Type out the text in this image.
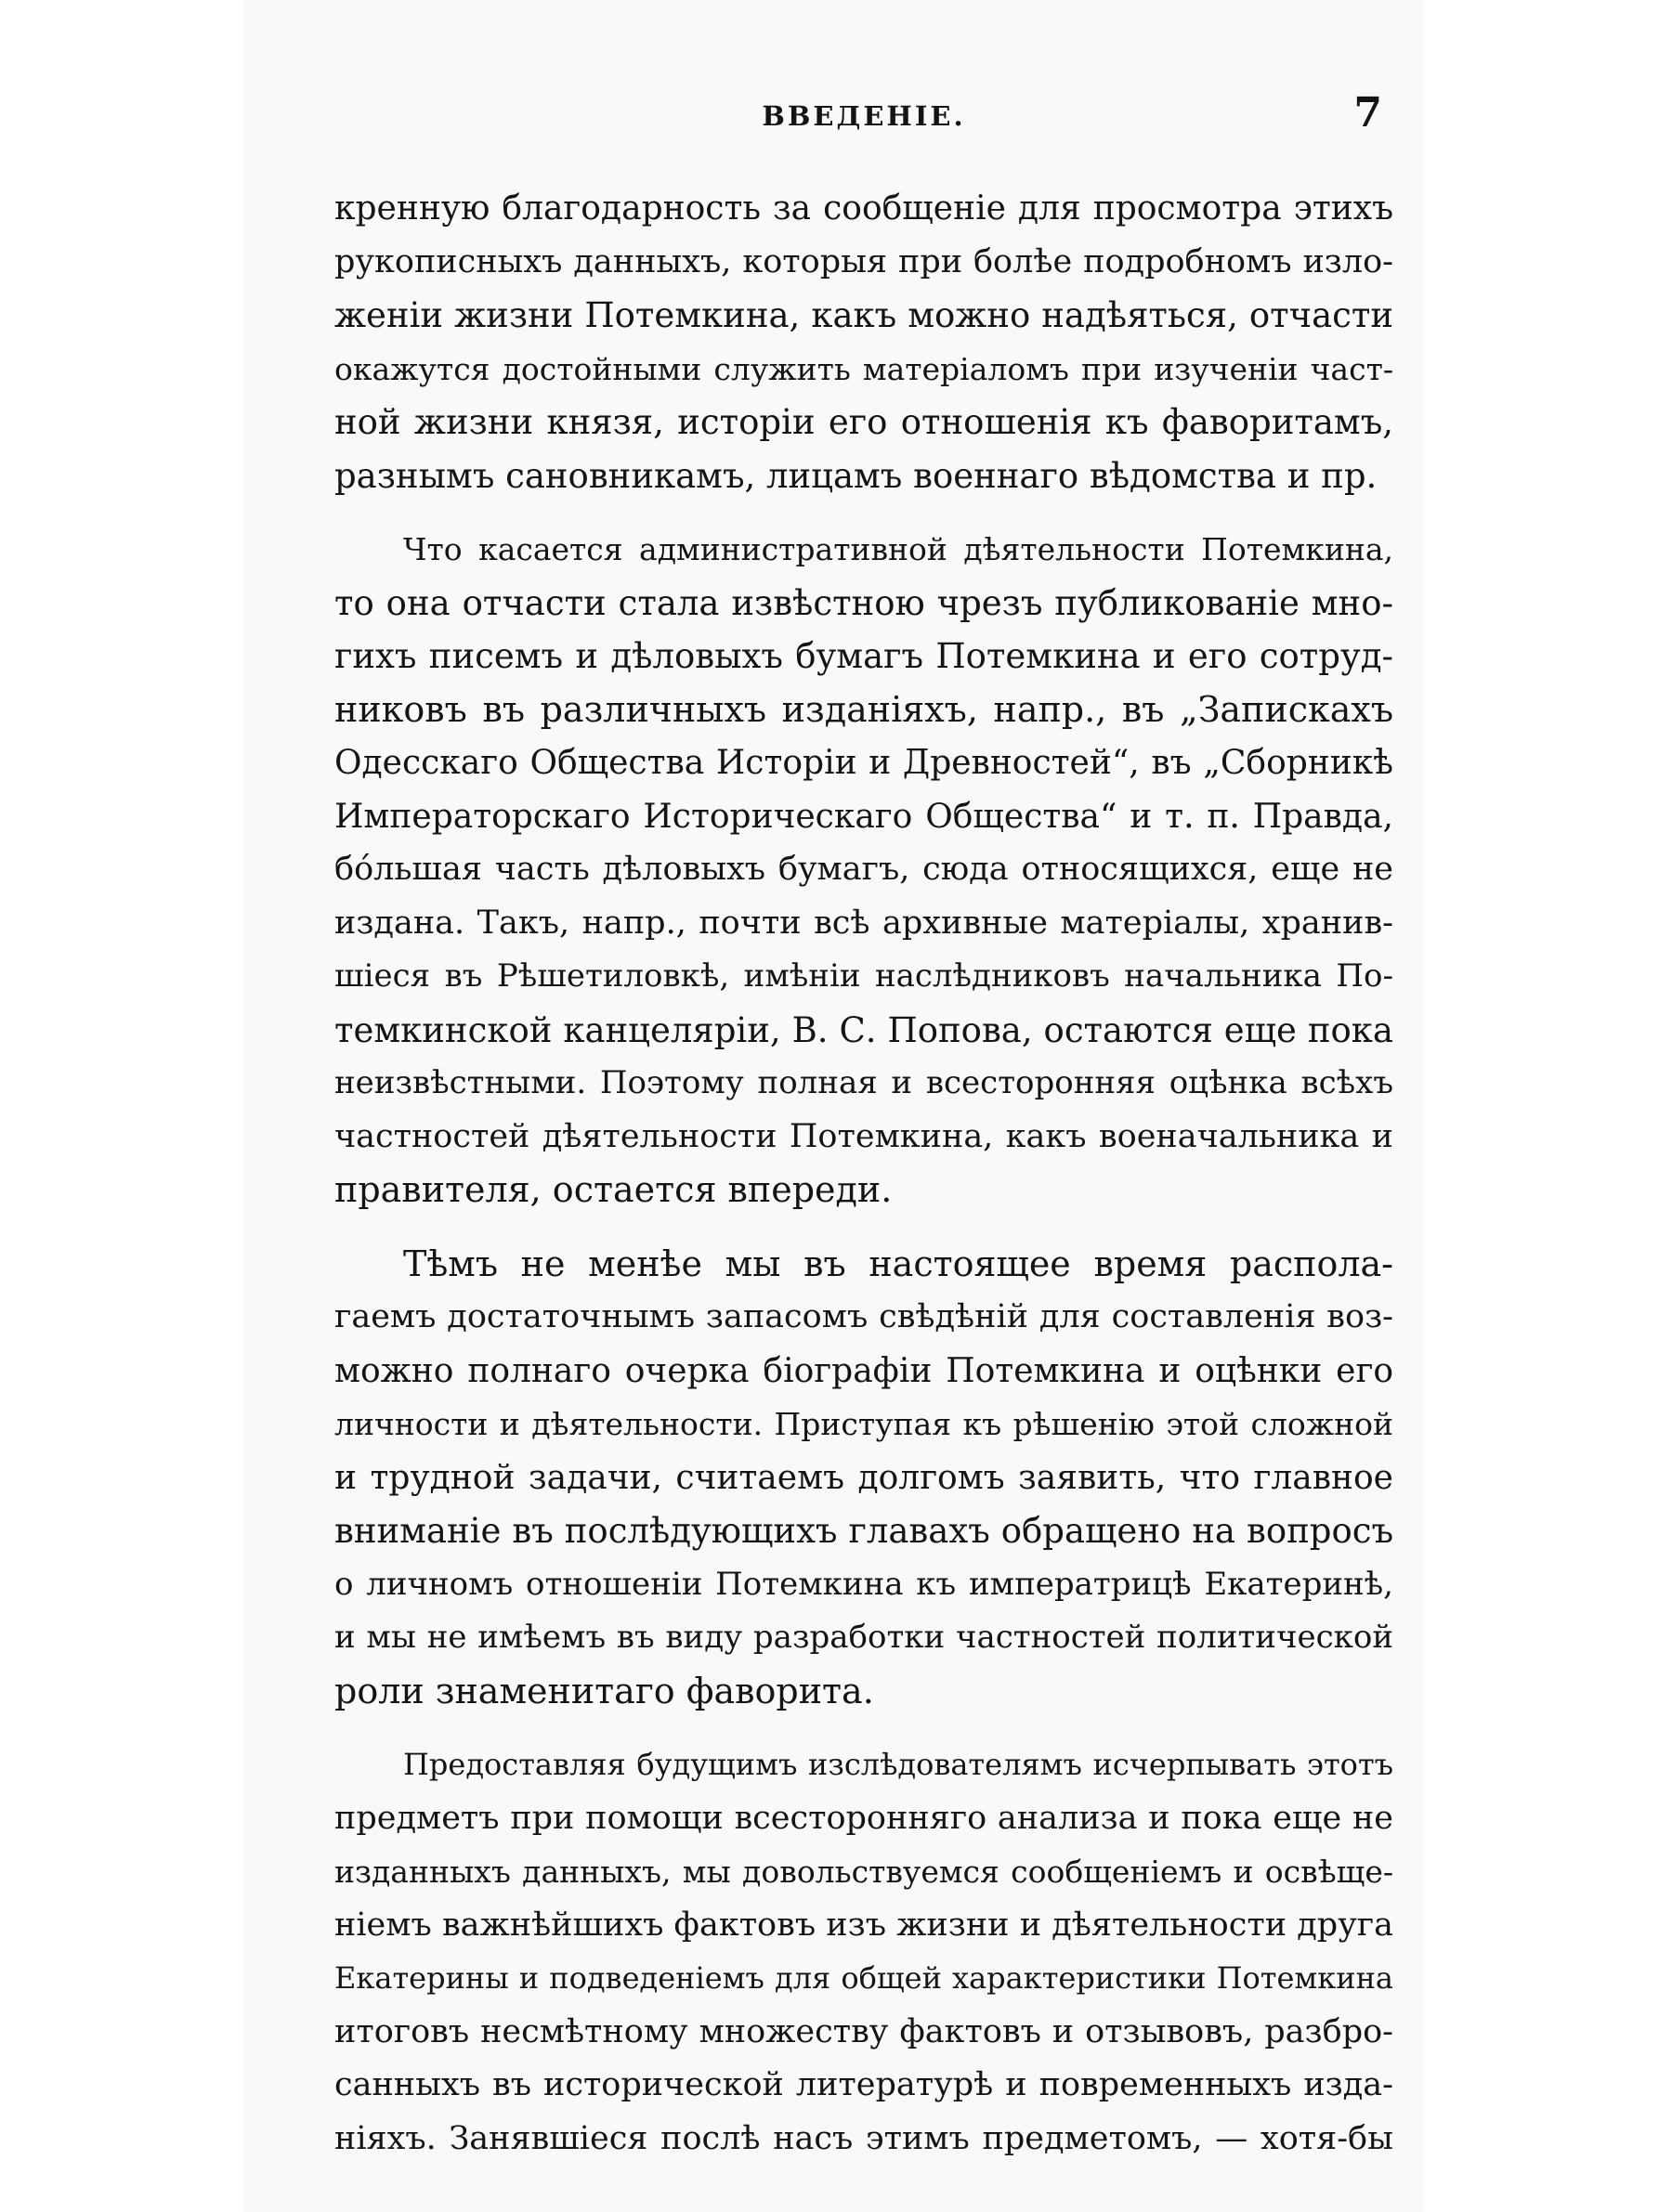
ВВЕДЕНІЕ.	7
кренную благодарность за сообщеніе для просмотра этихъ
рукописныхъ данныхъ, которыя при болѣе подробномъ изло-
женіи жизни Потемкина, какъ можно надѣяться, отчасти
окажутся достойными служить матеріаломъ при изученіи част-
ной жизни князя, исторіи его отношенія къ фаворитамъ,
разнымъ сановникамъ, лицамъ военнаго вѣдомства и пр.
Что касается административной дѣятельности Потемкина,
то она отчасти стала извѣстною чрезъ публикованіе мно-
гихъ писемъ и дѣловыхъ бумагъ Потемкина и его сотруд-
никовъ въ различныхъ изданіяхъ, напр., въ „Запискахъ
Одесскаго Общества Исторіи и Древностей“, въ „Сборникѣ
Императорскаго Историческаго Общества“ и т. п. Правда,
бо́льшая часть дѣловыхъ бумагъ, сюда относящихся, еще не
издана. Такъ, напр., почти всѣ архивные матеріалы, хранив-
шіеся въ Рѣшетиловкѣ, имѣніи наслѣдниковъ начальника По-
темкинской канцеляріи, В. С. Попова, остаются еще пока
неизвѣстными. Поэтому полная и всесторонняя оцѣнка всѣхъ
частностей дѣятельности Потемкина, какъ военачальника и
правителя, остается впереди.
Тѣмъ не менѣе мы въ настоящее время распола-
гаемъ достаточнымъ запасомъ свѣдѣній для составленія воз-
можно полнаго очерка біографіи Потемкина и оцѣнки его
личности и дѣятельности. Приступая къ рѣшенію этой сложной
и трудной задачи, считаемъ долгомъ заявить, что главное
вниманіе въ послѣдующихъ главахъ обращено на вопросъ
о личномъ отношеніи Потемкина къ императрицѣ Екатеринѣ,
и мы не имѣемъ въ виду разработки частностей политической
роли знаменитаго фаворита.
Предоставляя будущимъ изслѣдователямъ исчерпывать этотъ
предметъ при помощи всесторонняго анализа и пока еще не
изданныхъ данныхъ, мы довольствуемся сообщеніемъ и освѣще-
ніемъ важнѣйшихъ фактовъ изъ жизни и дѣятельности друга
Екатерины и подведеніемъ для общей характеристики Потемкина
итоговъ несмѣтному множеству фактовъ и отзывовъ, разбро-
санныхъ въ исторической литературѣ и повременныхъ изда-
ніяхъ. Занявшіеся послѣ насъ этимъ предметомъ, — хотя-бы
